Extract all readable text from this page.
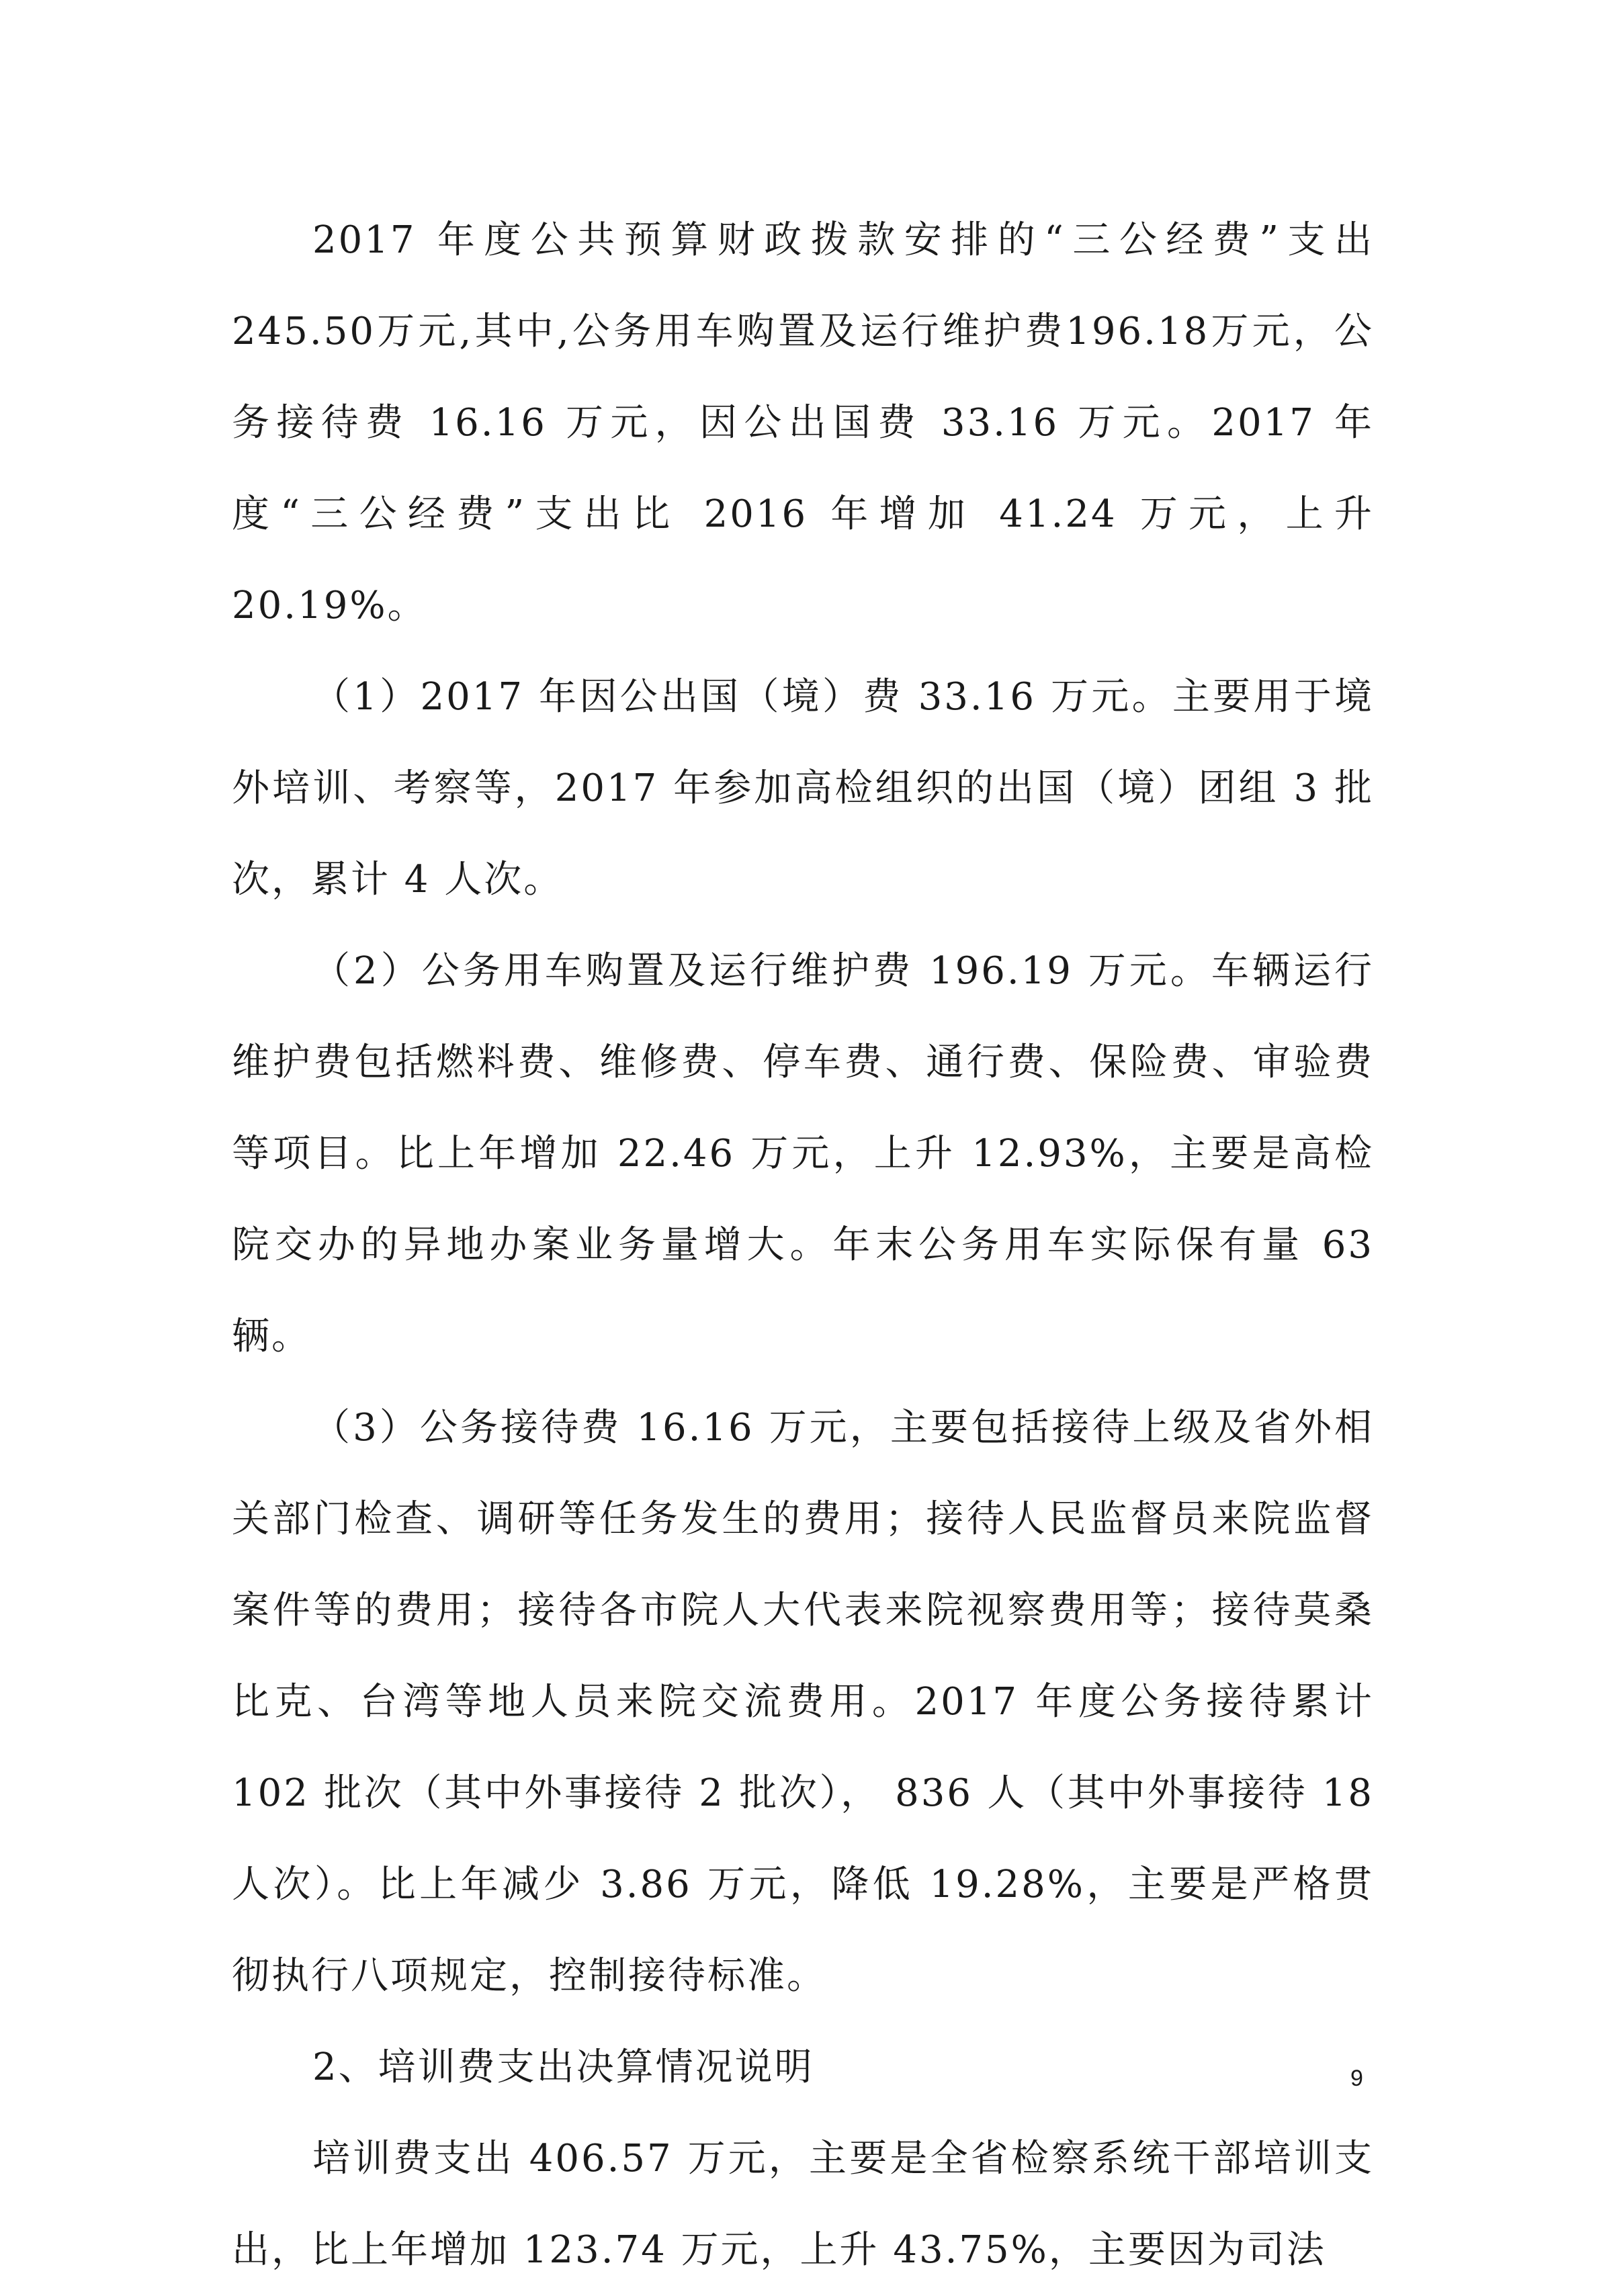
2017 年度公共预算财政拨款安排的“三公经费”支出 245.50万元,其中,公务用车购置及运行维护费196.18万元，公务接待费 16.16 万元，因公出国费 33.16 万元。2017 年度“三公经费”支出比 2016 年增加 41.24 万元，上升 20.19%。

（1）2017 年因公出国（境）费 33.16 万元。主要用于境外培训、考察等，2017 年参加高检组织的出国（境）团组 3 批次，累计 4 人次。

（2）公务用车购置及运行维护费 196.19 万元。车辆运行维护费包括燃料费、维修费、停车费、通行费、保险费、审验费等项目。比上年增加 22.46 万元，上升 12.93%，主要是高检院交办的异地办案业务量增大。年末公务用车实际保有量 63 辆。

（3）公务接待费 16.16 万元，主要包括接待上级及省外相关部门检查、调研等任务发生的费用；接待人民监督员来院监督案件等的费用；接待各市院人大代表来院视察费用等；接待莫桑比克、台湾等地人员来院交流费用。2017 年度公务接待累计 102 批次（其中外事接待 2 批次）， 836 人（其中外事接待 18 人次）。比上年减少 3.86 万元，降低 19.28%，主要是严格贯彻执行八项规定，控制接待标准。

2、培训费支出决算情况说明

培训费支出 406.57 万元，主要是全省检察系统干部培训支出，比上年增加 123.74 万元，上升 43.75%，主要因为司法

9
